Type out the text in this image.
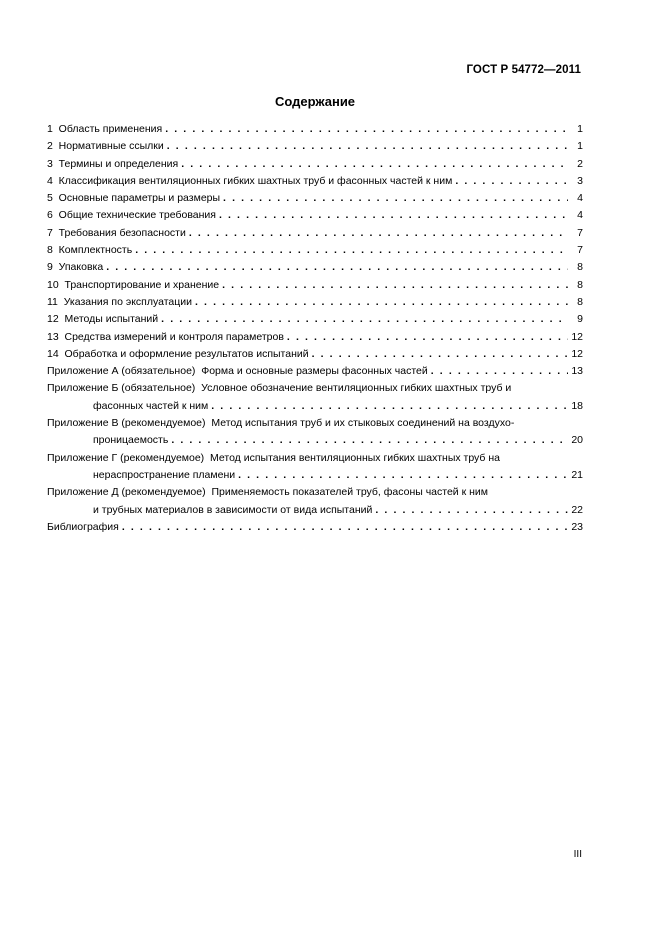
ГОСТ Р 54772—2011
Содержание
1  Область применения . . .	1
2  Нормативные ссылки . . .	1
3  Термины и определения . . .	2
4  Классификация вентиляционных гибких шахтных труб и фасонных частей к ним . . .	3
5  Основные параметры и размеры . . .	4
6  Общие технические требования . . .	4
7  Требования безопасности . . .	7
8  Комплектность . . .	7
9  Упаковка . . .	8
10  Транспортирование и хранение . . .	8
11  Указания по эксплуатации . . .	8
12  Методы испытаний . . .	9
13  Средства измерений и контроля параметров . . .	12
14  Обработка и оформление результатов испытаний . . .	12
Приложение А (обязательное)  Форма и основные размеры фасонных частей . . .	13
Приложение Б (обязательное)  Условное обозначение вентиляционных гибких шахтных труб и
фасонных частей к ним . . .	18
Приложение В (рекомендуемое)  Метод испытания труб и их стыковых соединений на воздухо-
проницаемость . . .	20
Приложение Г (рекомендуемое)  Метод испытания вентиляционных гибких шахтных труб на
нераспространение пламени . . .	21
Приложение Д (рекомендуемое)  Применяемость показателей труб, фасоны частей к ним
и трубных материалов в зависимости от вида испытаний . . .	22
Библиография . . .	23
III
